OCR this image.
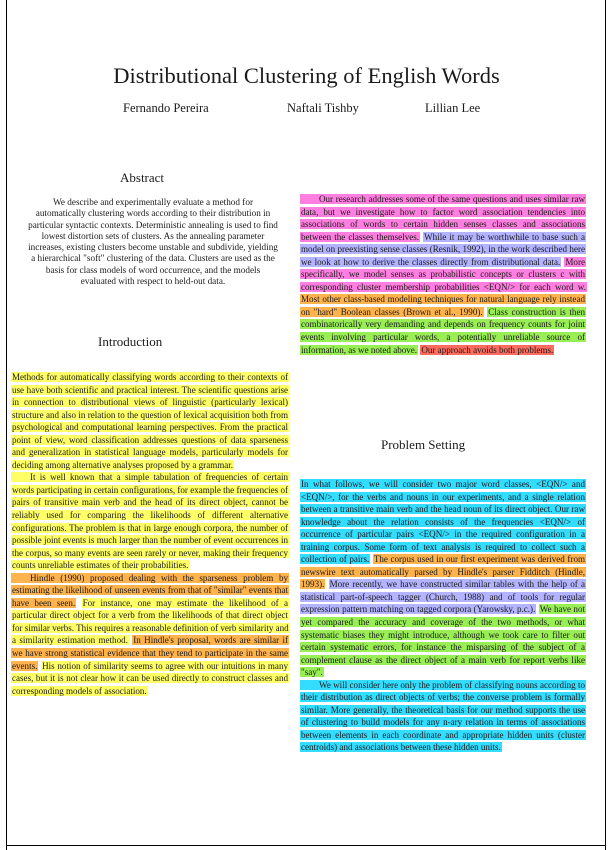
Distributional Clustering of English Words
Fernando Pereira	Naftali Tishby	Lillian Lee
Abstract
We describe and experimentally evaluate a method for automatically clustering words according to their distribution in particular syntactic contexts. Deterministic annealing is used to find lowest distortion sets of clusters. As the annealing parameter increases, existing clusters become unstable and subdivide, yielding a hierarchical "soft" clustering of the data. Clusters are used as the basis for class models of word occurrence, and the models evaluated with respect to held-out data.
Introduction
Methods for automatically classifying words according to their contexts of use have both scientific and practical interest. The scientific questions arise in connection to distributional views of linguistic (particularly lexical) structure and also in relation to the question of lexical acquisition both from psychological and computational learning perspectives. From the practical point of view, word classification addresses questions of data sparseness and generalization in statistical language models, particularly models for deciding among alternative analyses proposed by a grammar.
It is well known that a simple tabulation of frequencies of certain words participating in certain configurations, for example the frequencies of pairs of transitive main verb and the head of its direct object, cannot be reliably used for comparing the likelihoods of different alternative configurations. The problem is that in large enough corpora, the number of possible joint events is much larger than the number of event occurrences in the corpus, so many events are seen rarely or never, making their frequency counts unreliable estimates of their probabilities.
Hindle (1990) proposed dealing with the sparseness problem by estimating the likelihood of unseen events from that of "similar" events that have been seen. For instance, one may estimate the likelihood of a particular direct object for a verb from the likelihoods of that direct object for similar verbs. This requires a reasonable definition of verb similarity and a similarity estimation method. In Hindle's proposal, words are similar if we have strong statistical evidence that they tend to participate in the same events. His notion of similarity seems to agree with our intuitions in many cases, but it is not clear how it can be used directly to construct classes and corresponding models of association.
Our research addresses some of the same questions and uses similar raw data, but we investigate how to factor word association tendencies into associations of words to certain hidden senses classes and associations between the classes themselves. While it may be worthwhile to base such a model on preexisting sense classes (Resnik, 1992), in the work described here we look at how to derive the classes directly from distributional data. More specifically, we model senses as probabilistic concepts or clusters c with corresponding cluster membership probabilities <EQN/> for each word w. Most other class-based modeling techniques for natural language rely instead on "hard" Boolean classes (Brown et al., 1990). Class construction is then combinatorically very demanding and depends on frequency counts for joint events involving particular words, a potentially unreliable source of information, as we noted above. Our approach avoids both problems.
Problem Setting
In what follows, we will consider two major word classes, <EQN/> and <EQN/>, for the verbs and nouns in our experiments, and a single relation between a transitive main verb and the head noun of its direct object. Our raw knowledge about the relation consists of the frequencies <EQN/> of occurrence of particular pairs <EQN/> in the required configuration in a training corpus. Some form of text analysis is required to collect such a collection of pairs. The corpus used in our first experiment was derived from newswire text automatically parsed by Hindle's parser Fidditch (Hindle, 1993). More recently, we have constructed similar tables with the help of a statistical part-of-speech tagger (Church, 1988) and of tools for regular expression pattern matching on tagged corpora (Yarowsky, p.c.). We have not yet compared the accuracy and coverage of the two methods, or what systematic biases they might introduce, although we took care to filter out certain systematic errors, for instance the misparsing of the subject of a complement clause as the direct object of a main verb for report verbs like "say".
We will consider here only the problem of classifying nouns according to their distribution as direct objects of verbs; the converse problem is formally similar. More generally, the theoretical basis for our method supports the use of clustering to build models for any n-ary relation in terms of associations between elements in each coordinate and appropriate hidden units (cluster centroids) and associations between these hidden units.
